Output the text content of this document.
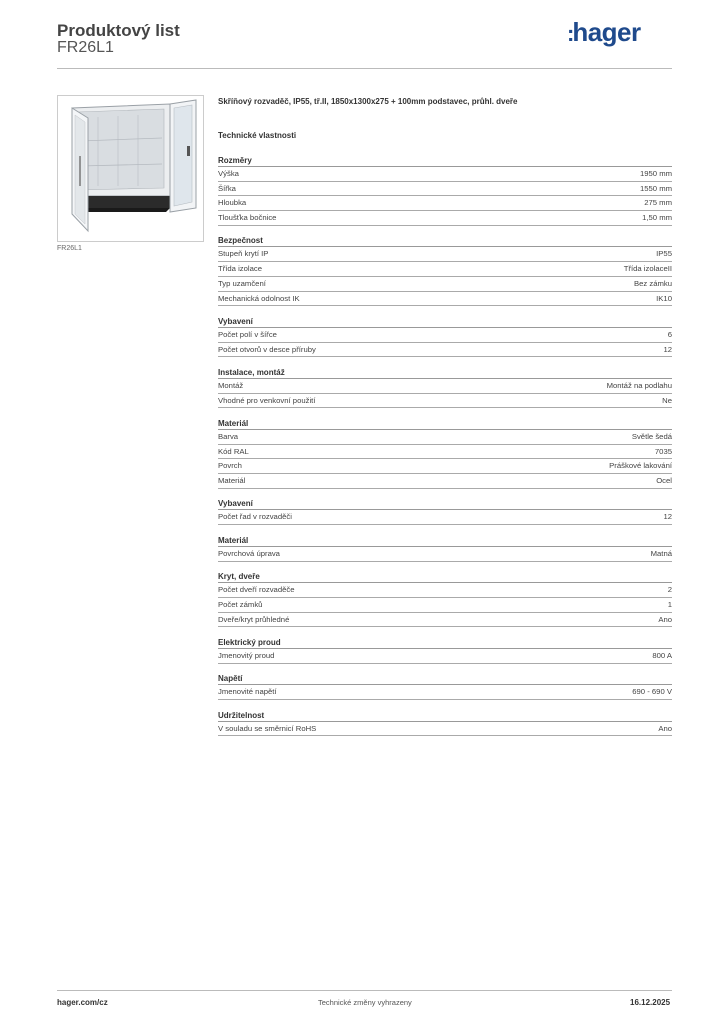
Produktový list
FR26L1
:hager
FR26L1
Skříňový rozvaděč, IP55, tř.II, 1850x1300x275 + 100mm podstavec, průhl. dveře
Technické vlastnosti
Rozměry
Výška	1950 mm
Šířka	1550 mm
Hloubka	275 mm
Tloušťka bočnice	1,50 mm
Bezpečnost
Stupeň krytí IP	IP55
Třída izolace	Třída izolaceII
Typ uzamčení	Bez zámku
Mechanická odolnost IK	IK10
Vybavení
Počet polí v šířce	6
Počet otvorů v desce příruby	12
Instalace, montáž
Montáž	Montáž na podlahu
Vhodné pro venkovní použití	Ne
Materiál
Barva	Světle šedá
Kód RAL	7035
Povrch	Práškové lakování
Materiál	Ocel
Vybavení
Počet řad v rozvaděči	12
Materiál
Povrchová úprava	Matná
Kryt, dveře
Počet dveří rozvaděče	2
Počet zámků	1
Dveře/kryt průhledné	Ano
Elektrický proud
Jmenovitý proud	800 A
Napětí
Jmenovité napětí	690 - 690 V
Udržitelnost
V souladu se směrnicí RoHS	Ano
hager.com/cz	Technické změny vyhrazeny	16.12.2025
